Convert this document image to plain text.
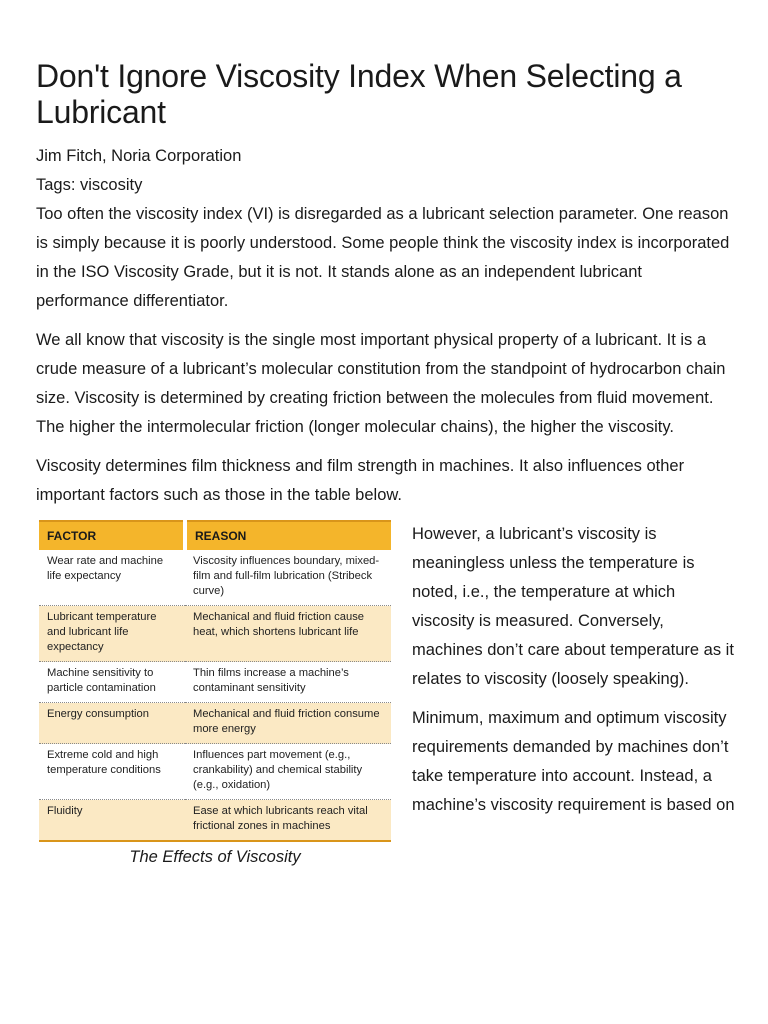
Don't Ignore Viscosity Index When Selecting a Lubricant
Jim Fitch, Noria Corporation
Tags: viscosity

Too often the viscosity index (VI) is disregarded as a lubricant selection parameter. One reason is simply because it is poorly understood. Some people think the viscosity index is incorporated in the ISO Viscosity Grade, but it is not. It stands alone as an independent lubricant performance differentiator.

We all know that viscosity is the single most important physical property of a lubricant. It is a crude measure of a lubricant’s molecular constitution from the standpoint of hydrocarbon chain size. Viscosity is determined by creating friction between the molecules from fluid movement. The higher the intermolecular friction (longer molecular chains), the higher the viscosity.

Viscosity determines film thickness and film strength in machines. It also influences other important factors such as those in the table below.

FACTOR	REASON
Wear rate and machine life expectancy	Viscosity influences boundary, mixed-film and full-film lubrication (Stribeck curve)
Lubricant temperature and lubricant life expectancy	Mechanical and fluid friction cause heat, which shortens lubricant life
Machine sensitivity to particle contamination	Thin films increase a machine’s contaminant sensitivity
Energy consumption	Mechanical and fluid friction consume more energy
Extreme cold and high temperature conditions	Influences part movement (e.g., crankability) and chemical stability (e.g., oxidation)
Fluidity	Ease at which lubricants reach vital frictional zones in machines
The Effects of Viscosity

However, a lubricant’s viscosity is meaningless unless the temperature is noted, i.e., the temperature at which viscosity is measured. Conversely, machines don’t care about temperature as it relates to viscosity (loosely speaking).

Minimum, maximum and optimum viscosity requirements demanded by machines don’t take temperature into account. Instead, a machine’s viscosity requirement is based on
